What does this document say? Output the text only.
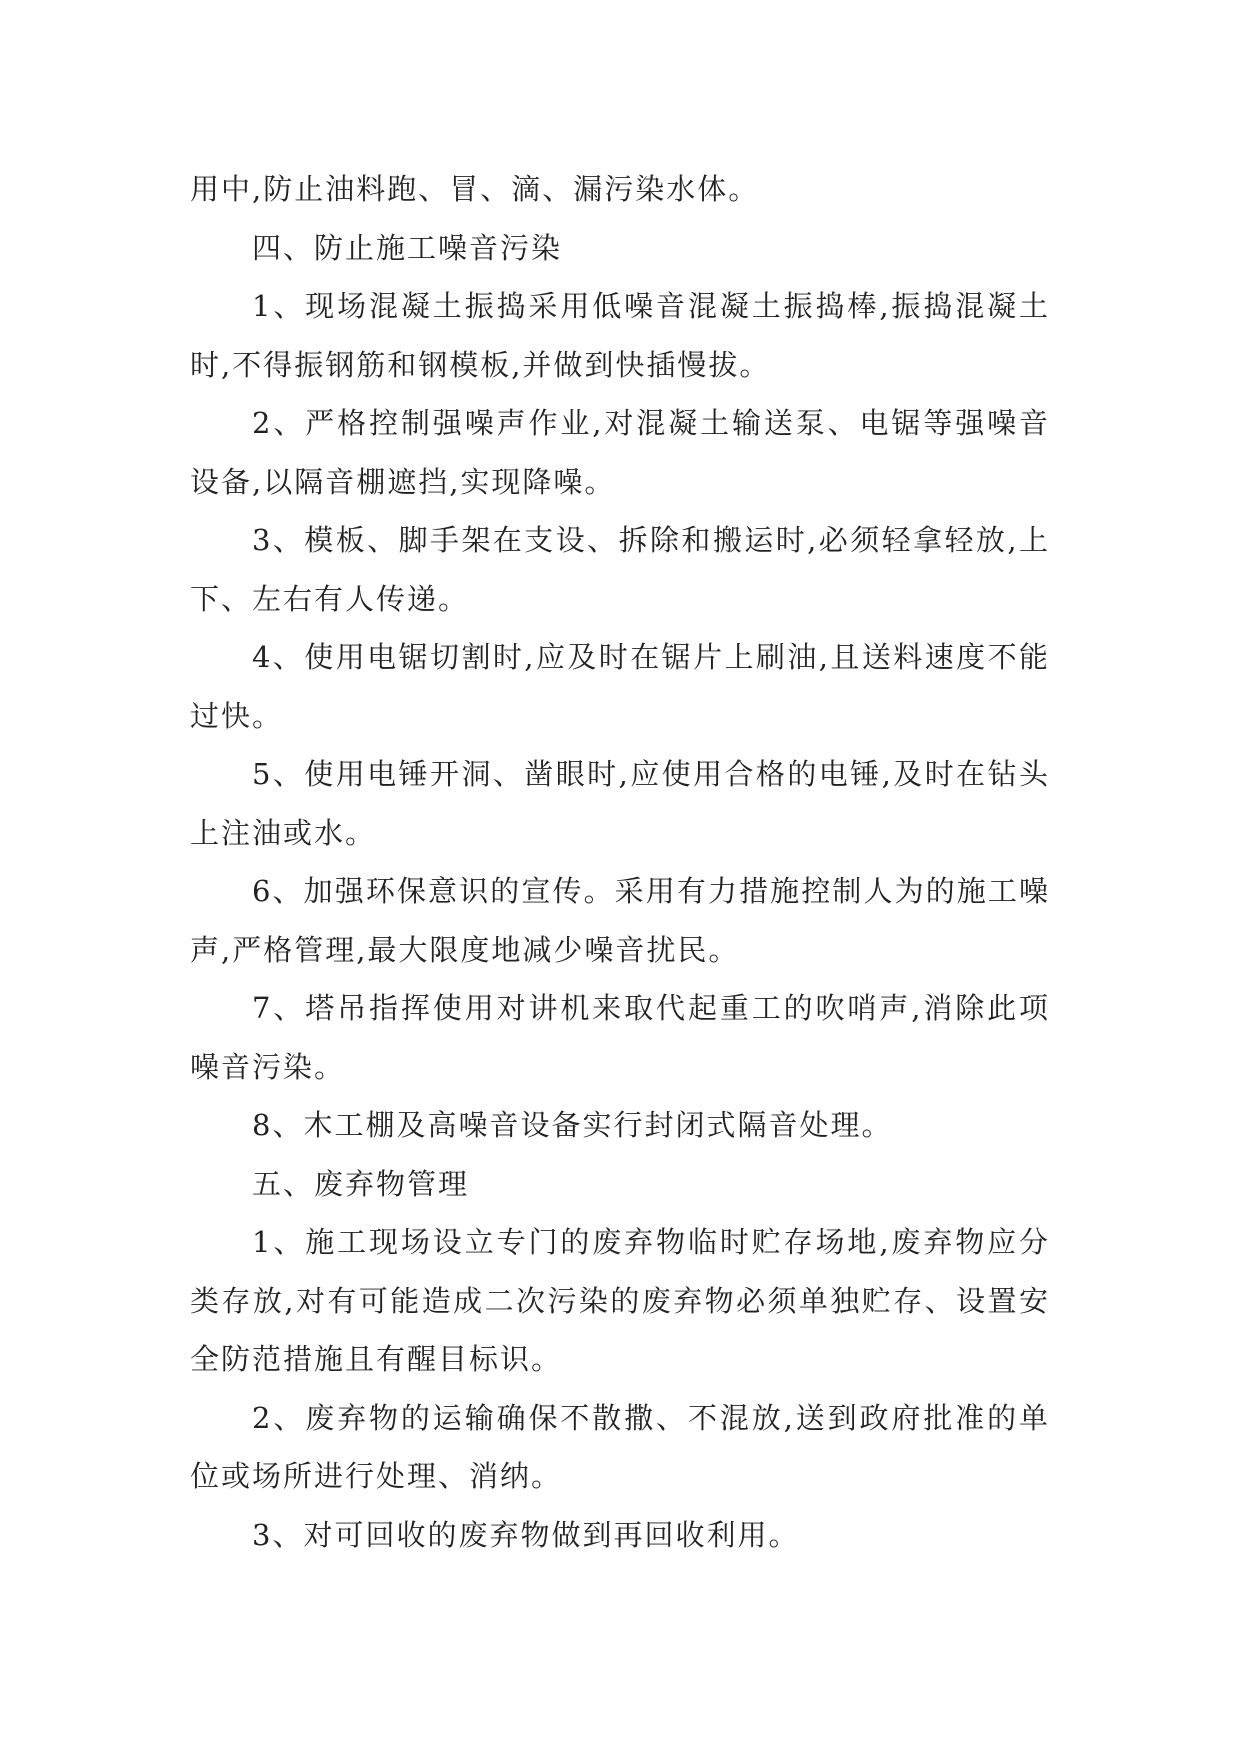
用中,防止油料跑、冒、滴、漏污染水体。

四、防止施工噪音污染

1、现场混凝土振捣采用低噪音混凝土振捣棒,振捣混凝土时,不得振钢筋和钢模板,并做到快插慢拔。

2、严格控制强噪声作业,对混凝土输送泵、电锯等强噪音设备,以隔音棚遮挡,实现降噪。

3、模板、脚手架在支设、拆除和搬运时,必须轻拿轻放,上下、左右有人传递。

4、使用电锯切割时,应及时在锯片上刷油,且送料速度不能过快。

5、使用电锤开洞、凿眼时,应使用合格的电锤,及时在钻头上注油或水。

6、加强环保意识的宣传。采用有力措施控制人为的施工噪声,严格管理,最大限度地减少噪音扰民。

7、塔吊指挥使用对讲机来取代起重工的吹哨声,消除此项噪音污染。

8、木工棚及高噪音设备实行封闭式隔音处理。

五、废弃物管理

1、施工现场设立专门的废弃物临时贮存场地,废弃物应分类存放,对有可能造成二次污染的废弃物必须单独贮存、设置安全防范措施且有醒目标识。

2、废弃物的运输确保不散撒、不混放,送到政府批准的单位或场所进行处理、消纳。

3、对可回收的废弃物做到再回收利用。
